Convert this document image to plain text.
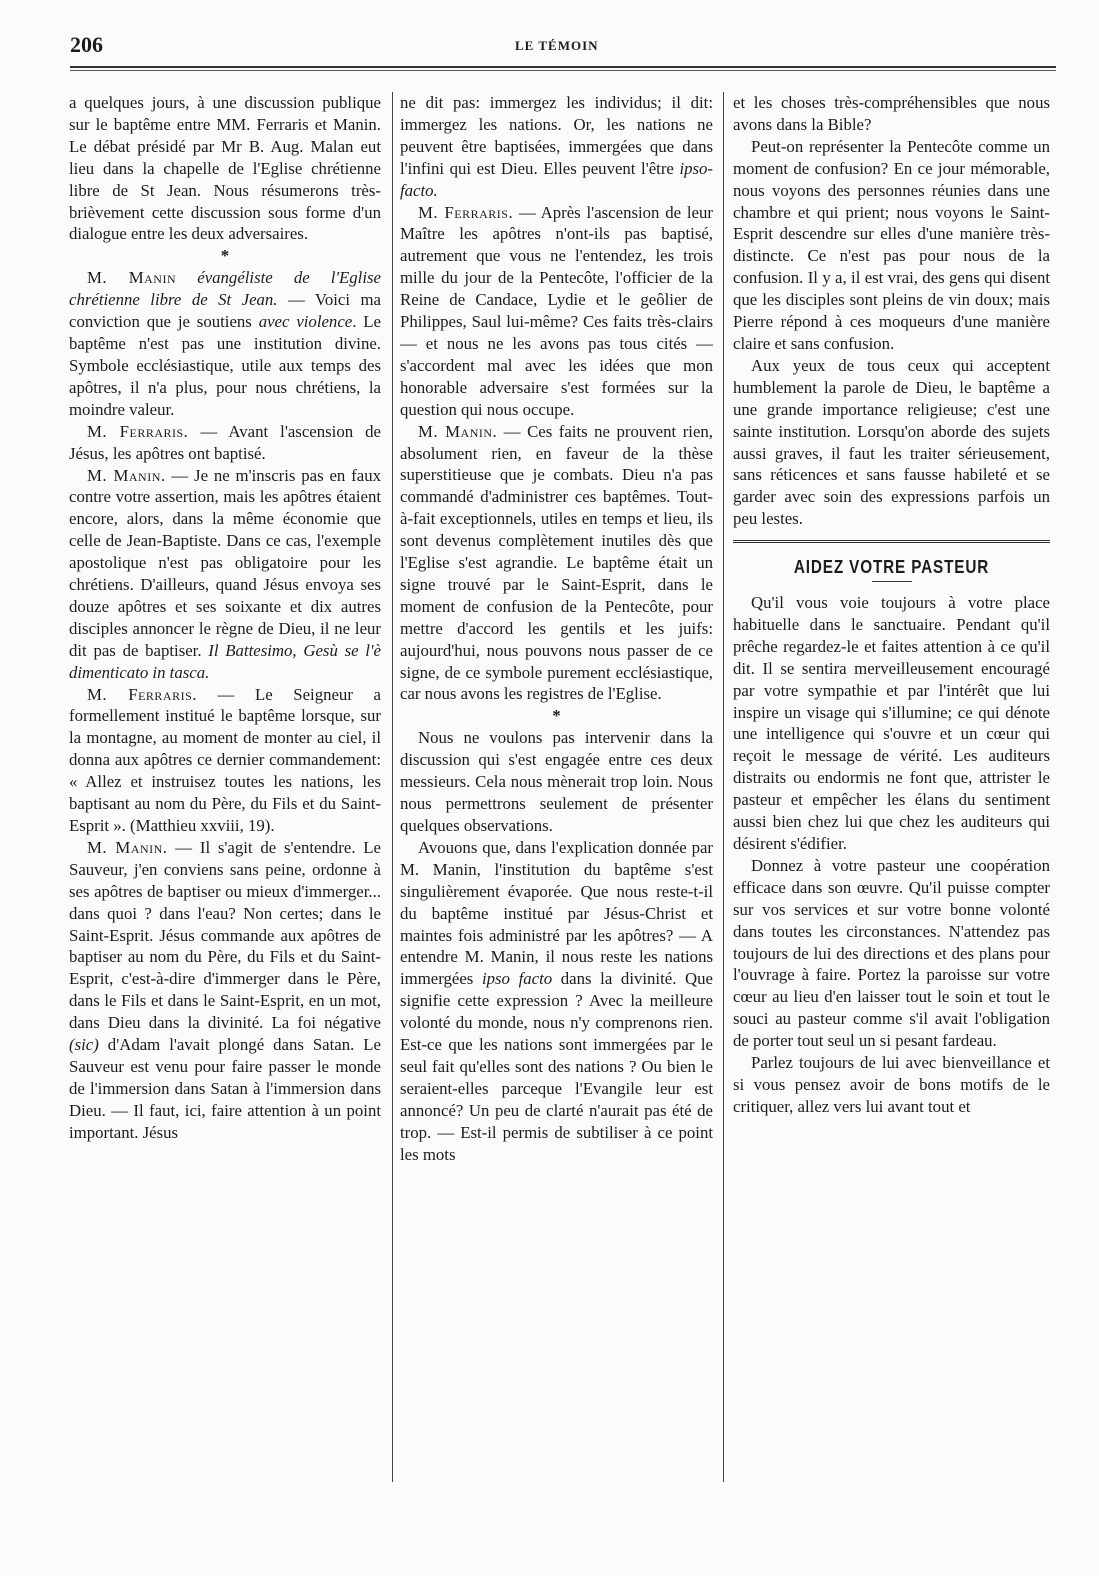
206	LE TÉMOIN

a quelques jours, à une discussion publique sur le baptême entre MM. Ferraris et Manin. Le débat présidé par Mr B. Aug. Malan eut lieu dans la chapelle de l'Eglise chrétienne libre de St Jean. Nous résumerons très-brièvement cette discussion sous forme d'un dialogue entre les deux adversaires.

*

M. Manin évangéliste de l'Eglise chrétienne libre de St Jean. — Voici ma conviction que je soutiens avec violence. Le baptême n'est pas une institution divine. Symbole ecclésiastique, utile aux temps des apôtres, il n'a plus, pour nous chrétiens, la moindre valeur.

M. Ferraris. — Avant l'ascension de Jésus, les apôtres ont baptisé.

M. Manin. — Je ne m'inscris pas en faux contre votre assertion, mais les apôtres étaient encore, alors, dans la même économie que celle de Jean-Baptiste. Dans ce cas, l'exemple apostolique n'est pas obligatoire pour les chrétiens. D'ailleurs, quand Jésus envoya ses douze apôtres et ses soixante et dix autres disciples annoncer le règne de Dieu, il ne leur dit pas de baptiser. Il Battesimo, Gesù se l'è dimenticato in tasca.

M. Ferraris. — Le Seigneur a formellement institué le baptême lorsque, sur la montagne, au moment de monter au ciel, il donna aux apôtres ce dernier commandement: « Allez et instruisez toutes les nations, les baptisant au nom du Père, du Fils et du Saint-Esprit ». (Matthieu xxviii, 19).

M. Manin. — Il s'agit de s'entendre. Le Sauveur, j'en conviens sans peine, ordonne à ses apôtres de baptiser ou mieux d'immerger... dans quoi ? dans l'eau? Non certes; dans le Saint-Esprit. Jésus commande aux apôtres de baptiser au nom du Père, du Fils et du Saint-Esprit, c'est-à-dire d'immerger dans le Père, dans le Fils et dans le Saint-Esprit, en un mot, dans Dieu dans la divinité. La foi négative (sic) d'Adam l'avait plongé dans Satan. Le Sauveur est venu pour faire passer le monde de l'immersion dans Satan à l'immersion dans Dieu. — Il faut, ici, faire attention à un point important. Jésus

ne dit pas: immergez les individus; il dit: immergez les nations. Or, les nations ne peuvent être baptisées, immergées que dans l'infini qui est Dieu. Elles peuvent l'être ipso-facto.

M. Ferraris. — Après l'ascension de leur Maître les apôtres n'ont-ils pas baptisé, autrement que vous ne l'entendez, les trois mille du jour de la Pentecôte, l'officier de la Reine de Candace, Lydie et le geôlier de Philippes, Saul lui-même? Ces faits très-clairs — et nous ne les avons pas tous cités — s'accordent mal avec les idées que mon honorable adversaire s'est formées sur la question qui nous occupe.

M. Manin. — Ces faits ne prouvent rien, absolument rien, en faveur de la thèse superstitieuse que je combats. Dieu n'a pas commandé d'administrer ces baptêmes. Tout-à-fait exceptionnels, utiles en temps et lieu, ils sont devenus complètement inutiles dès que l'Eglise s'est agrandie. Le baptême était un signe trouvé par le Saint-Esprit, dans le moment de confusion de la Pentecôte, pour mettre d'accord les gentils et les juifs: aujourd'hui, nous pouvons nous passer de ce signe, de ce symbole purement ecclésiastique, car nous avons les registres de l'Eglise.

*

Nous ne voulons pas intervenir dans la discussion qui s'est engagée entre ces deux messieurs. Cela nous mènerait trop loin. Nous nous permettrons seulement de présenter quelques observations.

Avouons que, dans l'explication donnée par M. Manin, l'institution du baptême s'est singulièrement évaporée. Que nous reste-t-il du baptême institué par Jésus-Christ et maintes fois administré par les apôtres? — A entendre M. Manin, il nous reste les nations immergées ipso facto dans la divinité. Que signifie cette expression ? Avec la meilleure volonté du monde, nous n'y comprenons rien. Est-ce que les nations sont immergées par le seul fait qu'elles sont des nations ? Ou bien le seraient-elles parceque l'Evangile leur est annoncé? Un peu de clarté n'aurait pas été de trop. — Est-il permis de subtiliser à ce point les mots

et les choses très-compréhensibles que nous avons dans la Bible?

Peut-on représenter la Pentecôte comme un moment de confusion? En ce jour mémorable, nous voyons des personnes réunies dans une chambre et qui prient; nous voyons le Saint-Esprit descendre sur elles d'une manière très-distincte. Ce n'est pas pour nous de la confusion. Il y a, il est vrai, des gens qui disent que les disciples sont pleins de vin doux; mais Pierre répond à ces moqueurs d'une manière claire et sans confusion.

Aux yeux de tous ceux qui acceptent humblement la parole de Dieu, le baptême a une grande importance religieuse; c'est une sainte institution. Lorsqu'on aborde des sujets aussi graves, il faut les traiter sérieusement, sans réticences et sans fausse habileté et se garder avec soin des expressions parfois un peu lestes.

AIDEZ VOTRE PASTEUR

Qu'il vous voie toujours à votre place habituelle dans le sanctuaire. Pendant qu'il prêche regardez-le et faites attention à ce qu'il dit. Il se sentira merveilleusement encouragé par votre sympathie et par l'intérêt que lui inspire un visage qui s'illumine; ce qui dénote une intelligence qui s'ouvre et un cœur qui reçoit le message de vérité. Les auditeurs distraits ou endormis ne font que, attrister le pasteur et empêcher les élans du sentiment aussi bien chez lui que chez les auditeurs qui désirent s'édifier.

Donnez à votre pasteur une coopération efficace dans son œuvre. Qu'il puisse compter sur vos services et sur votre bonne volonté dans toutes les circonstances. N'attendez pas toujours de lui des directions et des plans pour l'ouvrage à faire. Portez la paroisse sur votre cœur au lieu d'en laisser tout le soin et tout le souci au pasteur comme s'il avait l'obligation de porter tout seul un si pesant fardeau.

Parlez toujours de lui avec bienveillance et si vous pensez avoir de bons motifs de le critiquer, allez vers lui avant tout et
